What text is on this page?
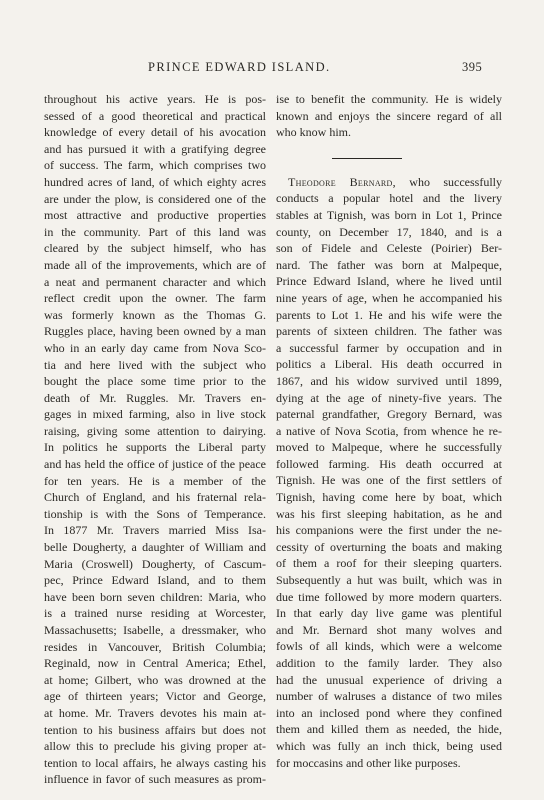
PRINCE EDWARD ISLAND.	395
throughout his active years. He is pos-
sessed of a good theoretical and practical
knowledge of every detail of his avocation
and has pursued it with a gratifying degree
of success. The farm, which comprises two
hundred acres of land, of which eighty acres
are under the plow, is considered one of the
most attractive and productive properties
in the community. Part of this land was
cleared by the subject himself, who has
made all of the improvements, which are of
a neat and permanent character and which
reflect credit upon the owner. The farm
was formerly known as the Thomas G.
Ruggles place, having been owned by a man
who in an early day came from Nova Sco-
tia and here lived with the subject who
bought the place some time prior to the
death of Mr. Ruggles. Mr. Travers en-
gages in mixed farming, also in live stock
raising, giving some attention to dairying.
In politics he supports the Liberal party
and has held the office of justice of the peace
for ten years. He is a member of the
Church of England, and his fraternal rela-
tionship is with the Sons of Temperance.
In 1877 Mr. Travers married Miss Isa-
belle Dougherty, a daughter of William and
Maria (Croswell) Dougherty, of Cascum-
pec, Prince Edward Island, and to them
have been born seven children: Maria, who
is a trained nurse residing at Worcester,
Massachusetts; Isabelle, a dressmaker, who
resides in Vancouver, British Columbia;
Reginald, now in Central America; Ethel,
at home; Gilbert, who was drowned at the
age of thirteen years; Victor and George,
at home. Mr. Travers devotes his main at-
tention to his business affairs but does not
allow this to preclude his giving proper at-
tention to local affairs, he always casting his
influence in favor of such measures as prom-
ise to benefit the community. He is widely
known and enjoys the sincere regard of all
who know him.
Theodore Bernard, who successfully
conducts a popular hotel and the livery
stables at Tignish, was born in Lot 1, Prince
county, on December 17, 1840, and is a
son of Fidele and Celeste (Poirier) Ber-
nard. The father was born at Malpeque,
Prince Edward Island, where he lived until
nine years of age, when he accompanied his
parents to Lot 1. He and his wife were the
parents of sixteen children. The father was
a successful farmer by occupation and in
politics a Liberal. His death occurred in
1867, and his widow survived until 1899,
dying at the age of ninety-five years. The
paternal grandfather, Gregory Bernard, was
a native of Nova Scotia, from whence he re-
moved to Malpeque, where he successfully
followed farming. His death occurred at
Tignish. He was one of the first settlers of
Tignish, having come here by boat, which
was his first sleeping habitation, as he and
his companions were the first under the ne-
cessity of overturning the boats and making
of them a roof for their sleeping quarters.
Subsequently a hut was built, which was in
due time followed by more modern quarters.
In that early day live game was plentiful
and Mr. Bernard shot many wolves and
fowls of all kinds, which were a welcome
addition to the family larder. They also
had the unusual experience of driving a
number of walruses a distance of two miles
into an inclosed pond where they confined
them and killed them as needed, the hide,
which was fully an inch thick, being used
for moccasins and other like purposes.
